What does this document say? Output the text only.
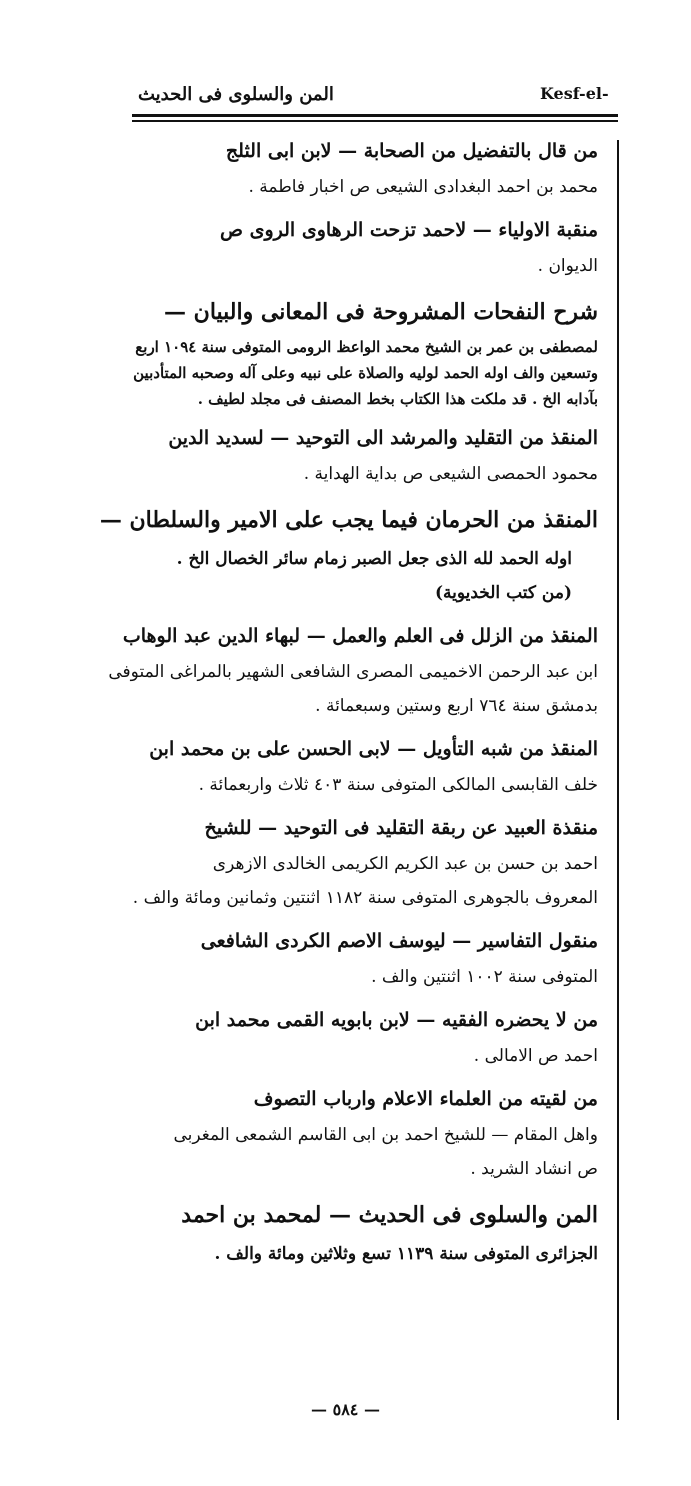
Kesf-el-
المن والسلوى فى الحديث
من قال بالتفضيل من الصحابة — لابن ابى الثلج
محمد بن احمد البغدادى الشيعى ص اخبار فاطمة .
منقبة الاولياء — لاحمد تزحت الرهاوى الروى ص
الديوان .
شرح النفحات المشروحة فى المعانى والبيان —
لمصطفى بن عمر بن الشيخ محمد الواعظ الرومى المتوفى سنة ١٠٩٤ اربع
وتسعين والف اوله الحمد لوليه والصلاة على نبيه وعلى آله وصحبه المتأدبين
بآدابه الخ . قد ملكت هذا الكتاب بخط المصنف فى مجلد لطيف .
المنقذ من التقليد والمرشد الى التوحيد — لسديد الدين
محمود الحمصى الشيعى ص بداية الهداية .
المنقذ من الحرمان فيما يجب على الامير والسلطان —
اوله الحمد لله الذى جعل الصبر زمام سائر الخصال الخ .
(من كتب الخديوية)
المنقذ من الزلل فى العلم والعمل — لبهاء الدين عبد الوهاب
ابن عبد الرحمن الاخميمى المصرى الشافعى الشهير بالمراغى المتوفى
بدمشق سنة ٧٦٤ اربع وستين وسبعمائة .
المنقذ من شبه التأويل — لابى الحسن على بن محمد ابن
خلف القابسى المالكى المتوفى سنة ٤٠٣ ثلاث واربعمائة .
منقذة العبيد عن ربقة التقليد فى التوحيد — للشيخ
احمد بن حسن بن عبد الكريم الكريمى الخالدى الازهرى
المعروف بالجوهرى المتوفى سنة ١١٨٢ اثنتين وثمانين ومائة والف .
منقول التفاسير — ليوسف الاصم الكردى الشافعى
المتوفى سنة ١٠٠٢ اثنتين والف .
من لا يحضره الفقيه — لابن بابويه القمى محمد ابن
احمد ص الامالى .
من لقيته من العلماء الاعلام وارباب التصوف
واهل المقام — للشيخ احمد بن ابى القاسم الشمعى المغربى
ص انشاد الشريد .
المن والسلوى فى الحديث — لمحمد بن احمد
الجزائرى المتوفى سنة ١١٣٩ تسع وثلاثين ومائة والف .
— ٥٨٤ —
